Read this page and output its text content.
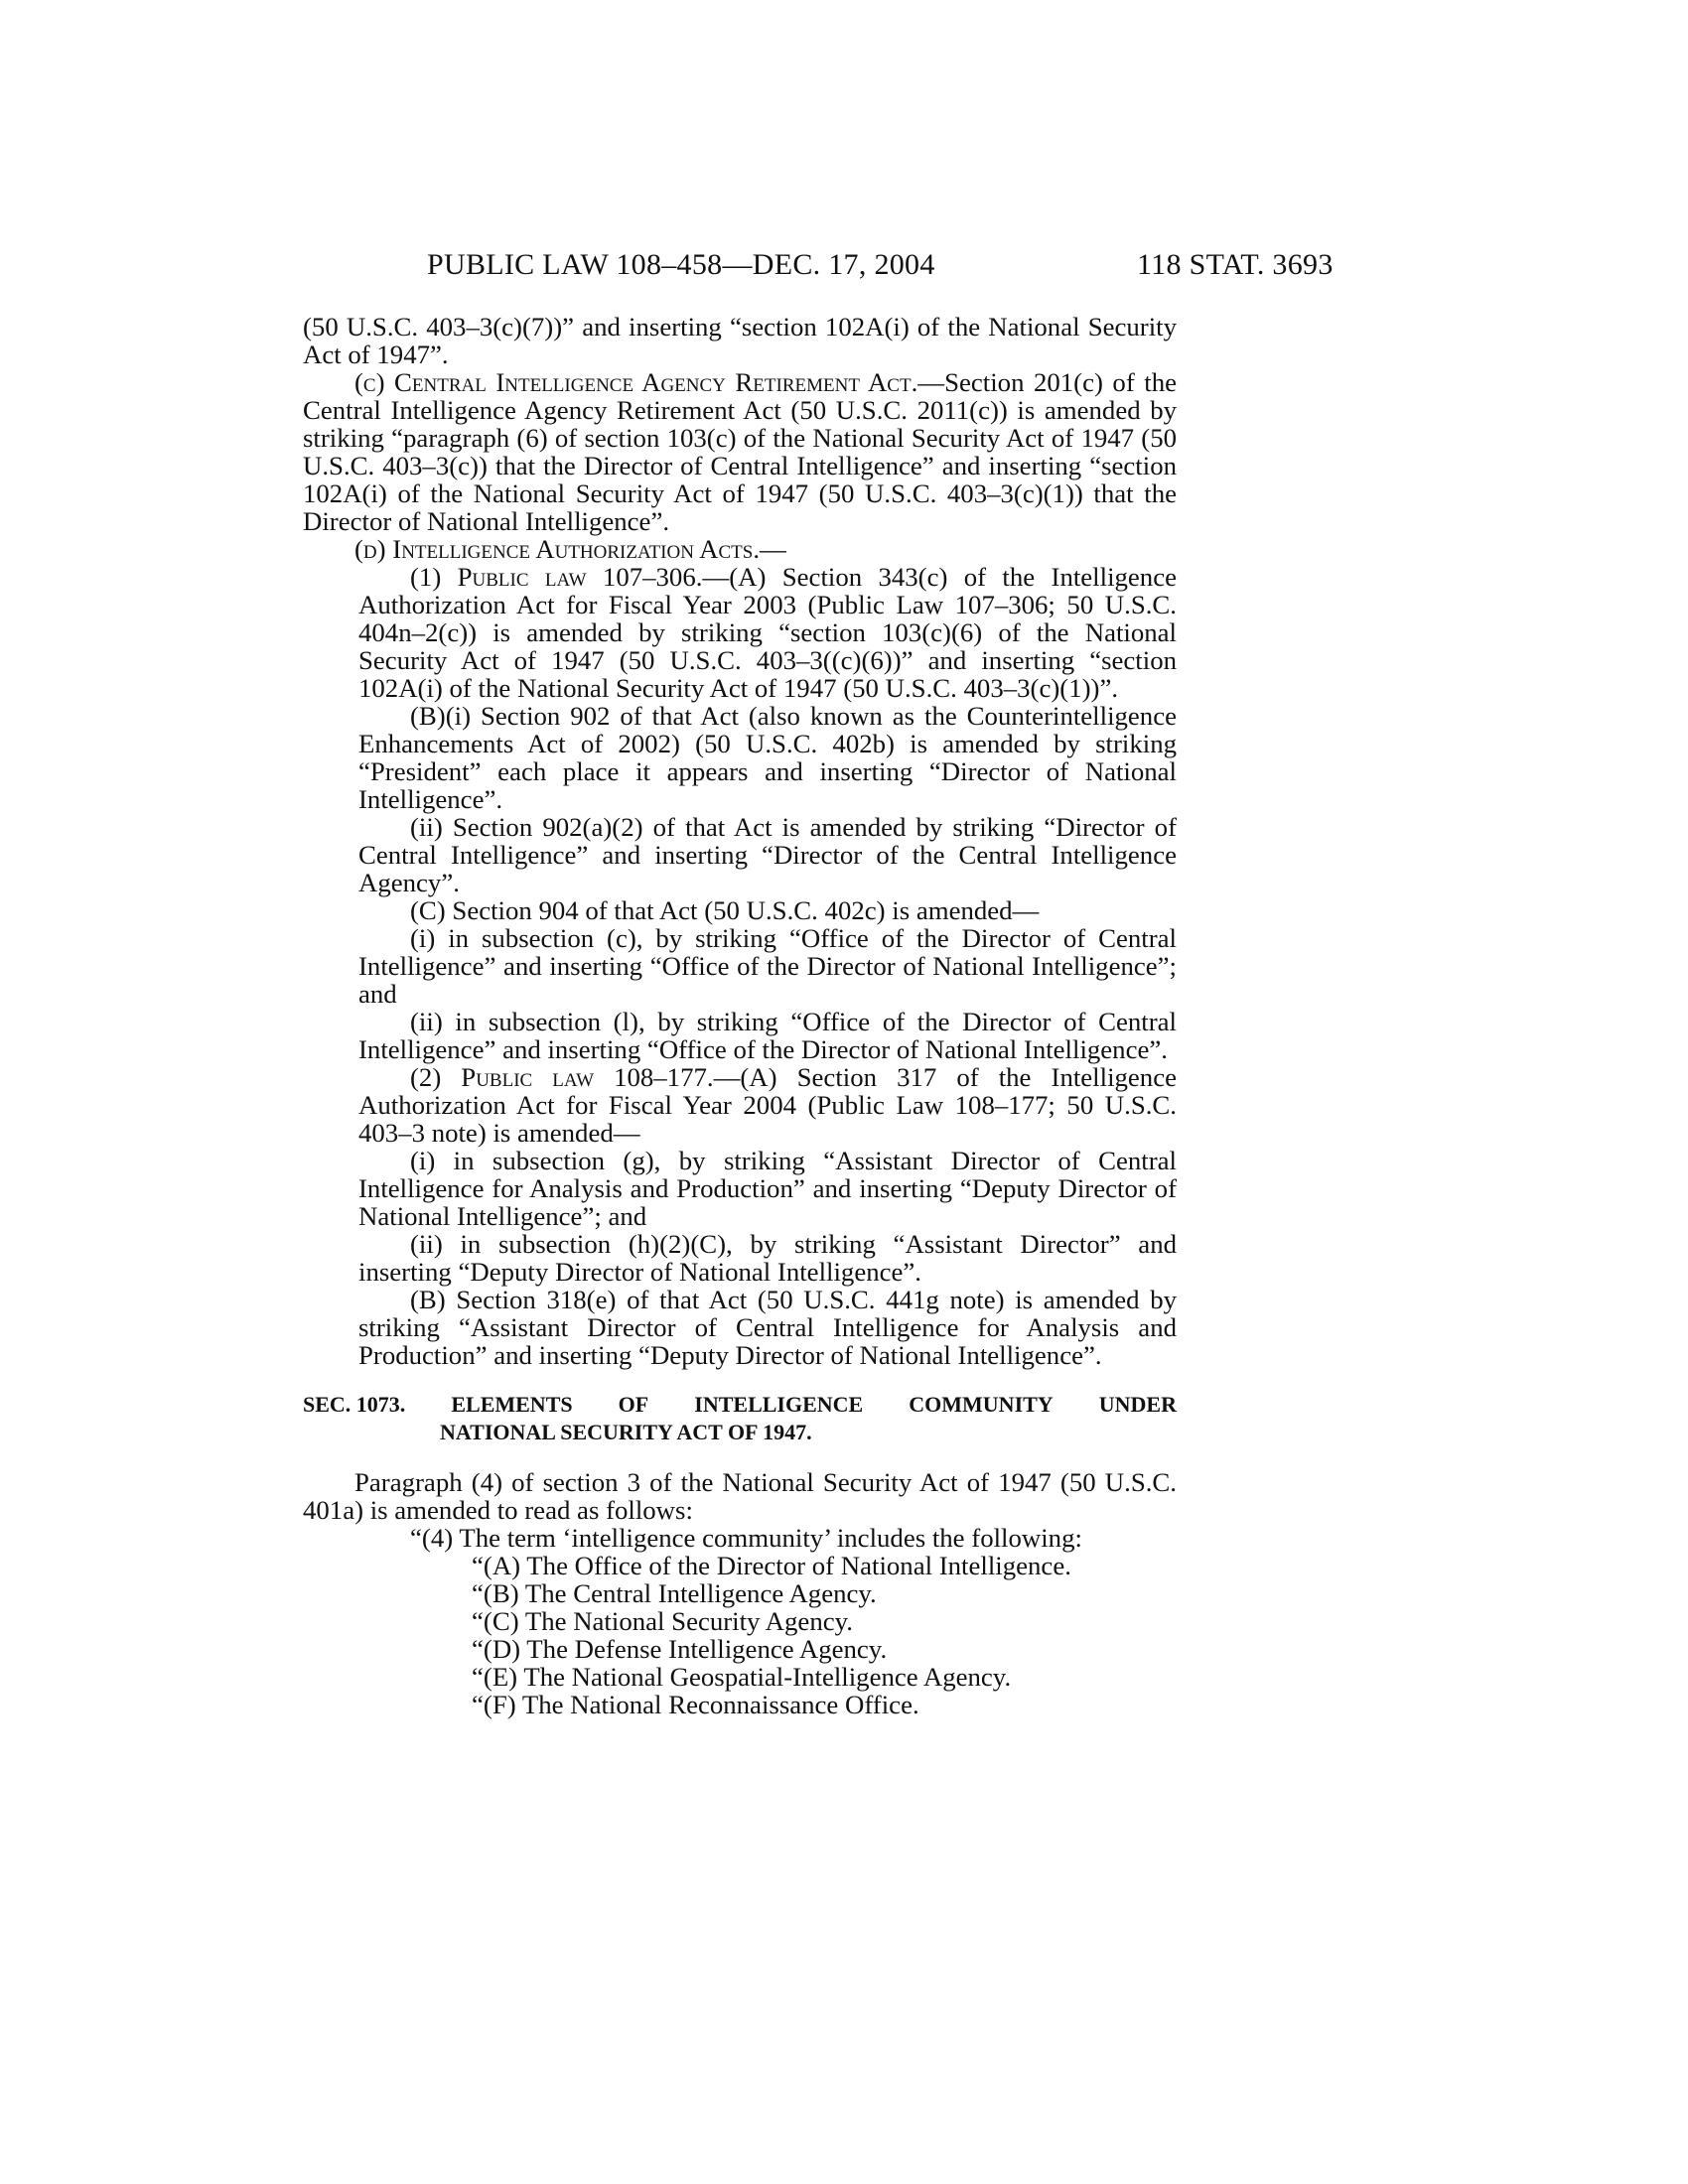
PUBLIC LAW 108–458—DEC. 17, 2004	118 STAT. 3693

(50 U.S.C. 403–3(c)(7))” and inserting “section 102A(i) of the National Security Act of 1947”.

(c) Central Intelligence Agency Retirement Act.—Section 201(c) of the Central Intelligence Agency Retirement Act (50 U.S.C. 2011(c)) is amended by striking “paragraph (6) of section 103(c) of the National Security Act of 1947 (50 U.S.C. 403–3(c)) that the Director of Central Intelligence” and inserting “section 102A(i) of the National Security Act of 1947 (50 U.S.C. 403–3(c)(1)) that the Director of National Intelligence”.

(d) Intelligence Authorization Acts.—

(1) Public law 107–306.—(A) Section 343(c) of the Intelligence Authorization Act for Fiscal Year 2003 (Public Law 107–306; 50 U.S.C. 404n–2(c)) is amended by striking “section 103(c)(6) of the National Security Act of 1947 (50 U.S.C. 403–3((c)(6))” and inserting “section 102A(i) of the National Security Act of 1947 (50 U.S.C. 403–3(c)(1))”.

(B)(i) Section 902 of that Act (also known as the Counterintelligence Enhancements Act of 2002) (50 U.S.C. 402b) is amended by striking “President” each place it appears and inserting “Director of National Intelligence”.

(ii) Section 902(a)(2) of that Act is amended by striking “Director of Central Intelligence” and inserting “Director of the Central Intelligence Agency”.

(C) Section 904 of that Act (50 U.S.C. 402c) is amended—

(i) in subsection (c), by striking “Office of the Director of Central Intelligence” and inserting “Office of the Director of National Intelligence”; and

(ii) in subsection (l), by striking “Office of the Director of Central Intelligence” and inserting “Office of the Director of National Intelligence”.

(2) Public law 108–177.—(A) Section 317 of the Intelligence Authorization Act for Fiscal Year 2004 (Public Law 108–177; 50 U.S.C. 403–3 note) is amended—

(i) in subsection (g), by striking “Assistant Director of Central Intelligence for Analysis and Production” and inserting “Deputy Director of National Intelligence”; and

(ii) in subsection (h)(2)(C), by striking “Assistant Director” and inserting “Deputy Director of National Intelligence”.

(B) Section 318(e) of that Act (50 U.S.C. 441g note) is amended by striking “Assistant Director of Central Intelligence for Analysis and Production” and inserting “Deputy Director of National Intelligence”.

SEC. 1073. ELEMENTS OF INTELLIGENCE COMMUNITY UNDER
NATIONAL SECURITY ACT OF 1947.

Paragraph (4) of section 3 of the National Security Act of 1947 (50 U.S.C. 401a) is amended to read as follows:

“(4) The term ‘intelligence community’ includes the following:

“(A) The Office of the Director of National Intelligence.

“(B) The Central Intelligence Agency.

“(C) The National Security Agency.

“(D) The Defense Intelligence Agency.

“(E) The National Geospatial-Intelligence Agency.

“(F) The National Reconnaissance Office.
